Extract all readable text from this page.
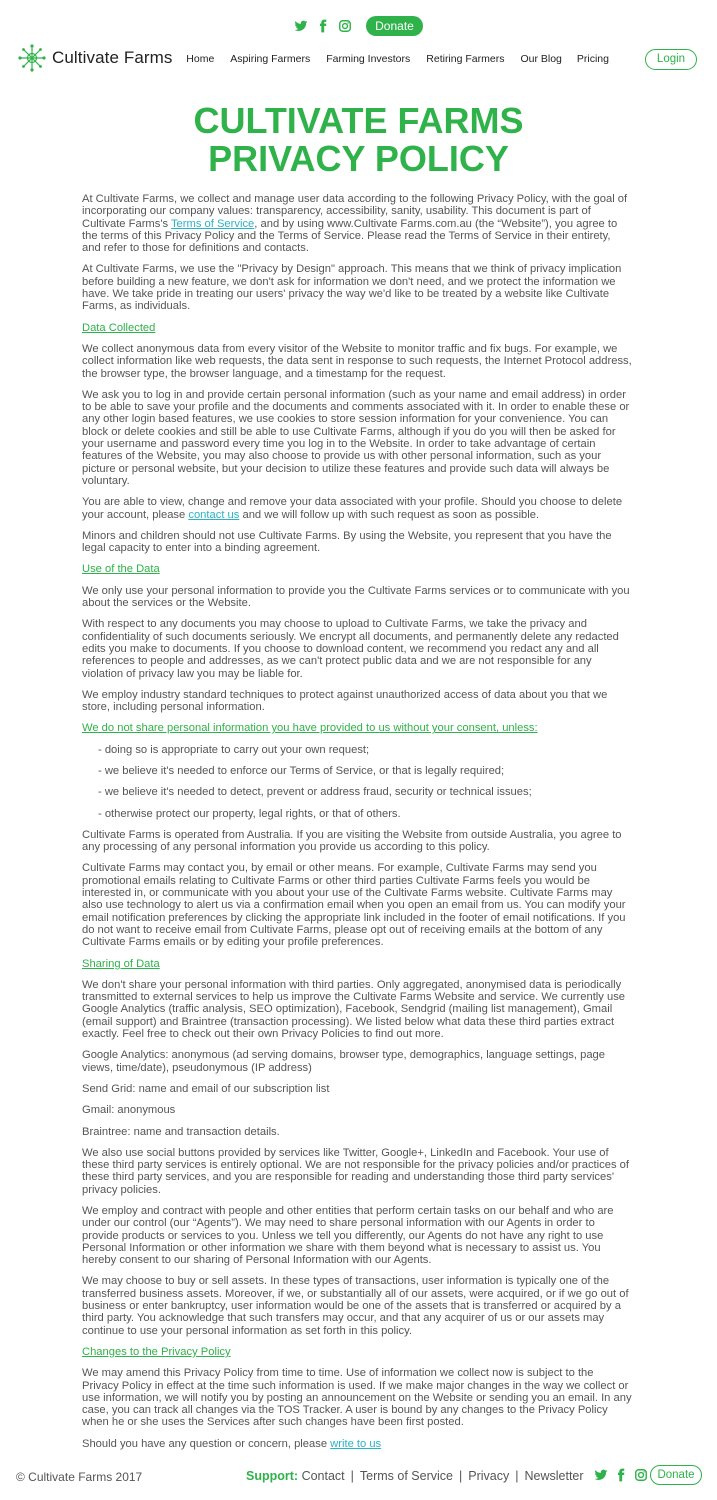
Donate
Cultivate Farms Home Aspiring Farmers Farming Investors Retiring Farmers Our Blog Pricing	Login
CULTIVATE FARMS
PRIVACY POLICY

At Cultivate Farms, we collect and manage user data according to the following Privacy Policy, with the goal of incorporating our company values: transparency, accessibility, sanity, usability. This document is part of Cultivate Farms's Terms of Service, and by using www.Cultivate Farms.com.au (the “Website”), you agree to the terms of this Privacy Policy and the Terms of Service. Please read the Terms of Service in their entirety, and refer to those for definitions and contacts.

At Cultivate Farms, we use the "Privacy by Design" approach. This means that we think of privacy implication before building a new feature, we don't ask for information we don't need, and we protect the information we have. We take pride in treating our users' privacy the way we'd like to be treated by a website like Cultivate Farms, as individuals.

Data Collected

We collect anonymous data from every visitor of the Website to monitor traffic and fix bugs. For example, we collect information like web requests, the data sent in response to such requests, the Internet Protocol address, the browser type, the browser language, and a timestamp for the request.

We ask you to log in and provide certain personal information (such as your name and email address) in order to be able to save your profile and the documents and comments associated with it. In order to enable these or any other login based features, we use cookies to store session information for your convenience. You can block or delete cookies and still be able to use Cultivate Farms, although if you do you will then be asked for your username and password every time you log in to the Website. In order to take advantage of certain features of the Website, you may also choose to provide us with other personal information, such as your picture or personal website, but your decision to utilize these features and provide such data will always be voluntary.

You are able to view, change and remove your data associated with your profile. Should you choose to delete your account, please contact us and we will follow up with such request as soon as possible.

Minors and children should not use Cultivate Farms. By using the Website, you represent that you have the legal capacity to enter into a binding agreement.

Use of the Data

We only use your personal information to provide you the Cultivate Farms services or to communicate with you about the services or the Website.

With respect to any documents you may choose to upload to Cultivate Farms, we take the privacy and confidentiality of such documents seriously. We encrypt all documents, and permanently delete any redacted edits you make to documents. If you choose to download content, we recommend you redact any and all references to people and addresses, as we can't protect public data and we are not responsible for any violation of privacy law you may be liable for.

We employ industry standard techniques to protect against unauthorized access of data about you that we store, including personal information.

We do not share personal information you have provided to us without your consent, unless:
- doing so is appropriate to carry out your own request;
- we believe it's needed to enforce our Terms of Service, or that is legally required;
- we believe it's needed to detect, prevent or address fraud, security or technical issues;
- otherwise protect our property, legal rights, or that of others.

Cultivate Farms is operated from Australia. If you are visiting the Website from outside Australia, you agree to any processing of any personal information you provide us according to this policy.

Cultivate Farms may contact you, by email or other means. For example, Cultivate Farms may send you promotional emails relating to Cultivate Farms or other third parties Cultivate Farms feels you would be interested in, or communicate with you about your use of the Cultivate Farms website. Cultivate Farms may also use technology to alert us via a confirmation email when you open an email from us. You can modify your email notification preferences by clicking the appropriate link included in the footer of email notifications. If you do not want to receive email from Cultivate Farms, please opt out of receiving emails at the bottom of any Cultivate Farms emails or by editing your profile preferences.

Sharing of Data

We don't share your personal information with third parties. Only aggregated, anonymised data is periodically transmitted to external services to help us improve the Cultivate Farms Website and service. We currently use Google Analytics (traffic analysis, SEO optimization), Facebook, Sendgrid (mailing list management), Gmail (email support) and Braintree (transaction processing). We listed below what data these third parties extract exactly. Feel free to check out their own Privacy Policies to find out more.

Google Analytics: anonymous (ad serving domains, browser type, demographics, language settings, page views, time/date), pseudonymous (IP address)

Send Grid: name and email of our subscription list

Gmail: anonymous

Braintree: name and transaction details.

We also use social buttons provided by services like Twitter, Google+, LinkedIn and Facebook. Your use of these third party services is entirely optional. We are not responsible for the privacy policies and/or practices of these third party services, and you are responsible for reading and understanding those third party services' privacy policies.

We employ and contract with people and other entities that perform certain tasks on our behalf and who are under our control (our “Agents”). We may need to share personal information with our Agents in order to provide products or services to you. Unless we tell you differently, our Agents do not have any right to use Personal Information or other information we share with them beyond what is necessary to assist us. You hereby consent to our sharing of Personal Information with our Agents.

We may choose to buy or sell assets. In these types of transactions, user information is typically one of the transferred business assets. Moreover, if we, or substantially all of our assets, were acquired, or if we go out of business or enter bankruptcy, user information would be one of the assets that is transferred or acquired by a third party. You acknowledge that such transfers may occur, and that any acquirer of us or our assets may continue to use your personal information as set forth in this policy.

Changes to the Privacy Policy

We may amend this Privacy Policy from time to time. Use of information we collect now is subject to the Privacy Policy in effect at the time such information is used. If we make major changes in the way we collect or use information, we will notify you by posting an announcement on the Website or sending you an email. In any case, you can track all changes via the TOS Tracker. A user is bound by any changes to the Privacy Policy when he or she uses the Services after such changes have been first posted.

Should you have any question or concern, please write to us

© Cultivate Farms 2017	Support: Contact | Terms of Service | Privacy | Newsletter	Donate
